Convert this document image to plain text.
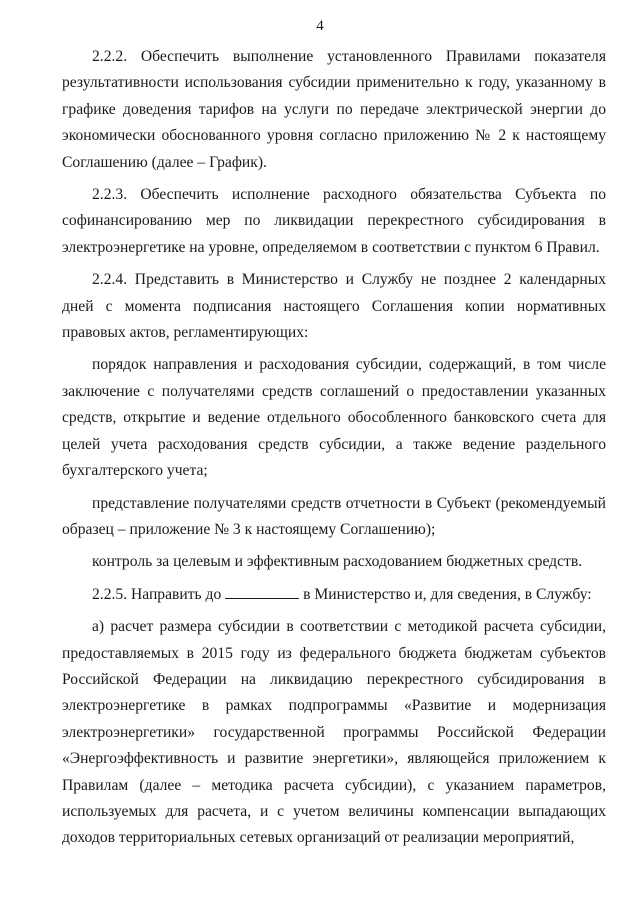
4

2.2.2. Обеспечить выполнение установленного Правилами показателя результативности использования субсидии применительно к году, указанному в графике доведения тарифов на услуги по передаче электрической энергии до экономически обоснованного уровня согласно приложению № 2 к настоящему Соглашению (далее – График).

2.2.3. Обеспечить исполнение расходного обязательства Субъекта по софинансированию мер по ликвидации перекрестного субсидирования в электроэнергетике на уровне, определяемом в соответствии с пунктом 6 Правил.

2.2.4. Представить в Министерство и Службу не позднее 2 календарных дней с момента подписания настоящего Соглашения копии нормативных правовых актов, регламентирующих:

порядок направления и расходования субсидии, содержащий, в том числе заключение с получателями средств соглашений о предоставлении указанных средств, открытие и ведение отдельного обособленного банковского счета для целей учета расходования средств субсидии, а также ведение раздельного бухгалтерского учета;

представление получателями средств отчетности в Субъект (рекомендуемый образец – приложение № 3 к настоящему Соглашению);

контроль за целевым и эффективным расходованием бюджетных средств.

2.2.5. Направить до	в Министерство и, для сведения, в Службу:

а) расчет размера субсидии в соответствии с методикой расчета субсидии, предоставляемых в 2015 году из федерального бюджета бюджетам субъектов Российской Федерации на ликвидацию перекрестного субсидирования в электроэнергетике в рамках подпрограммы «Развитие и модернизация электроэнергетики» государственной программы Российской Федерации «Энергоэффективность и развитие энергетики», являющейся приложением к Правилам (далее – методика расчета субсидии), с указанием параметров, используемых для расчета, и с учетом величины компенсации выпадающих доходов территориальных сетевых организаций от реализации мероприятий,
